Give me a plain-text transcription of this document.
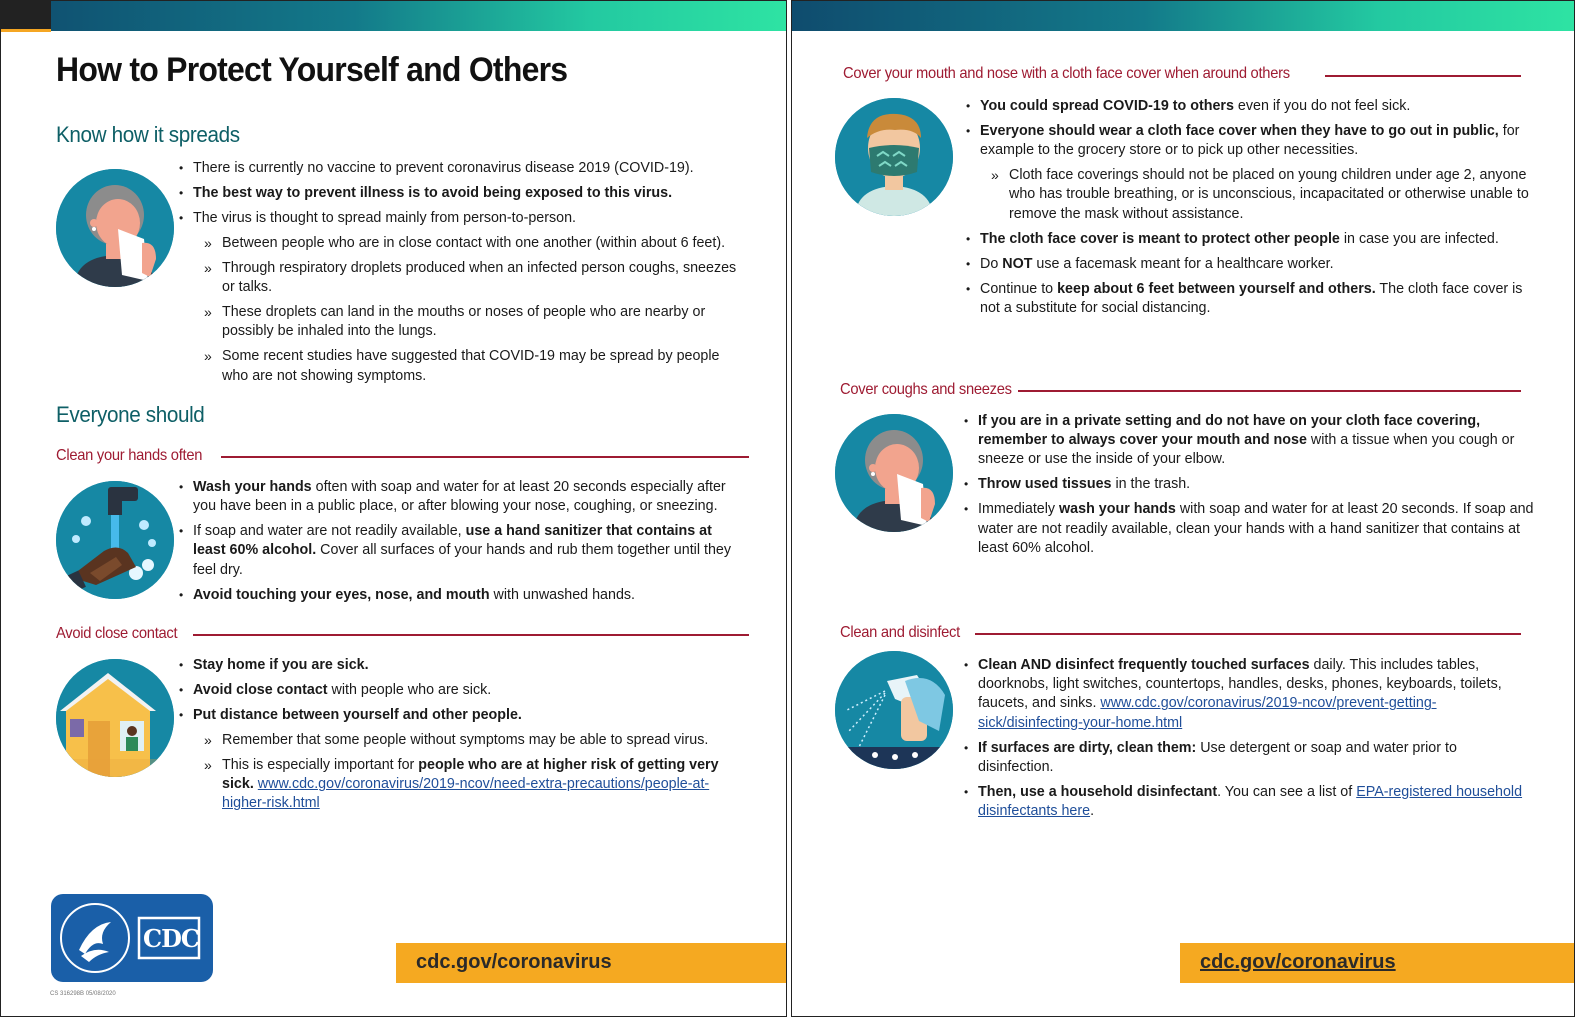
How to Protect Yourself and Others
Know how it spreads
• There is currently no vaccine to prevent coronavirus disease 2019 (COVID-19).
• The best way to prevent illness is to avoid being exposed to this virus.
• The virus is thought to spread mainly from person-to-person.
» Between people who are in close contact with one another (within about 6 feet).
» Through respiratory droplets produced when an infected person coughs, sneezes or talks.
» These droplets can land in the mouths or noses of people who are nearby or possibly be inhaled into the lungs.
» Some recent studies have suggested that COVID-19 may be spread by people who are not showing symptoms.
Everyone should
Clean your hands often
• Wash your hands often with soap and water for at least 20 seconds especially after you have been in a public place, or after blowing your nose, coughing, or sneezing.
• If soap and water are not readily available, use a hand sanitizer that contains at least 60% alcohol. Cover all surfaces of your hands and rub them together until they feel dry.
• Avoid touching your eyes, nose, and mouth with unwashed hands.
Avoid close contact
• Stay home if you are sick.
• Avoid close contact with people who are sick.
• Put distance between yourself and other people.
» Remember that some people without symptoms may be able to spread virus.
» This is especially important for people who are at higher risk of getting very sick. www.cdc.gov/coronavirus/2019-ncov/need-extra-precautions/people-at-higher-risk.html
CDC
CS 316298B 05/08/2020
cdc.gov/coronavirus
Cover your mouth and nose with a cloth face cover when around others
• You could spread COVID-19 to others even if you do not feel sick.
• Everyone should wear a cloth face cover when they have to go out in public, for example to the grocery store or to pick up other necessities.
» Cloth face coverings should not be placed on young children under age 2, anyone who has trouble breathing, or is unconscious, incapacitated or otherwise unable to remove the mask without assistance.
• The cloth face cover is meant to protect other people in case you are infected.
• Do NOT use a facemask meant for a healthcare worker.
• Continue to keep about 6 feet between yourself and others. The cloth face cover is not a substitute for social distancing.
Cover coughs and sneezes
• If you are in a private setting and do not have on your cloth face covering, remember to always cover your mouth and nose with a tissue when you cough or sneeze or use the inside of your elbow.
• Throw used tissues in the trash.
• Immediately wash your hands with soap and water for at least 20 seconds. If soap and water are not readily available, clean your hands with a hand sanitizer that contains at least 60% alcohol.
Clean and disinfect
• Clean AND disinfect frequently touched surfaces daily. This includes tables, doorknobs, light switches, countertops, handles, desks, phones, keyboards, toilets, faucets, and sinks. www.cdc.gov/coronavirus/2019-ncov/prevent-getting-sick/disinfecting-your-home.html
• If surfaces are dirty, clean them: Use detergent or soap and water prior to disinfection.
• Then, use a household disinfectant. You can see a list of EPA-registered household disinfectants here.
cdc.gov/coronavirus
